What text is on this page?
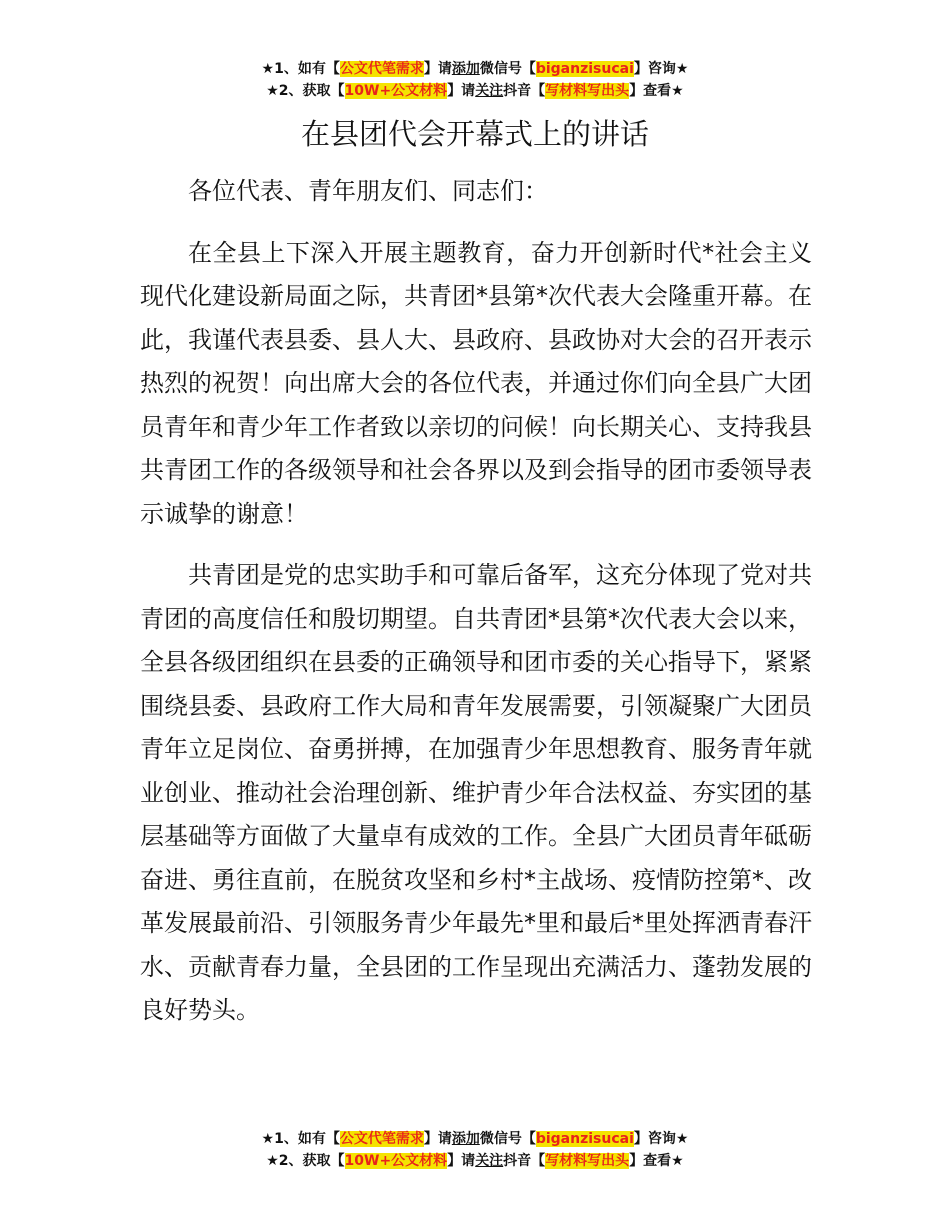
★1、如有【公文代笔需求】请添加微信号【biganzisucai】咨询★
★2、获取【10W+公文材料】请关注抖音【写材料写出头】查看★
在县团代会开幕式上的讲话

各位代表、青年朋友们、同志们：

在全县上下深入开展主题教育，奋力开创新时代*社会主义现代化建设新局面之际，共青团*县第*次代表大会隆重开幕。在此，我谨代表县委、县人大、县政府、县政协对大会的召开表示热烈的祝贺！向出席大会的各位代表，并通过你们向全县广大团员青年和青少年工作者致以亲切的问候！向长期关心、支持我县共青团工作的各级领导和社会各界以及到会指导的团市委领导表示诚挚的谢意！

共青团是党的忠实助手和可靠后备军，这充分体现了党对共青团的高度信任和殷切期望。自共青团*县第*次代表大会以来，全县各级团组织在县委的正确领导和团市委的关心指导下，紧紧围绕县委、县政府工作大局和青年发展需要，引领凝聚广大团员青年立足岗位、奋勇拼搏，在加强青少年思想教育、服务青年就业创业、推动社会治理创新、维护青少年合法权益、夯实团的基层基础等方面做了大量卓有成效的工作。全县广大团员青年砥砺奋进、勇往直前，在脱贫攻坚和乡村*主战场、疫情防控第*、改革发展最前沿、引领服务青少年最先*里和最后*里处挥洒青春汗水、贡献青春力量，全县团的工作呈现出充满活力、蓬勃发展的良好势头。

★1、如有【公文代笔需求】请添加微信号【biganzisucai】咨询★
★2、获取【10W+公文材料】请关注抖音【写材料写出头】查看★
